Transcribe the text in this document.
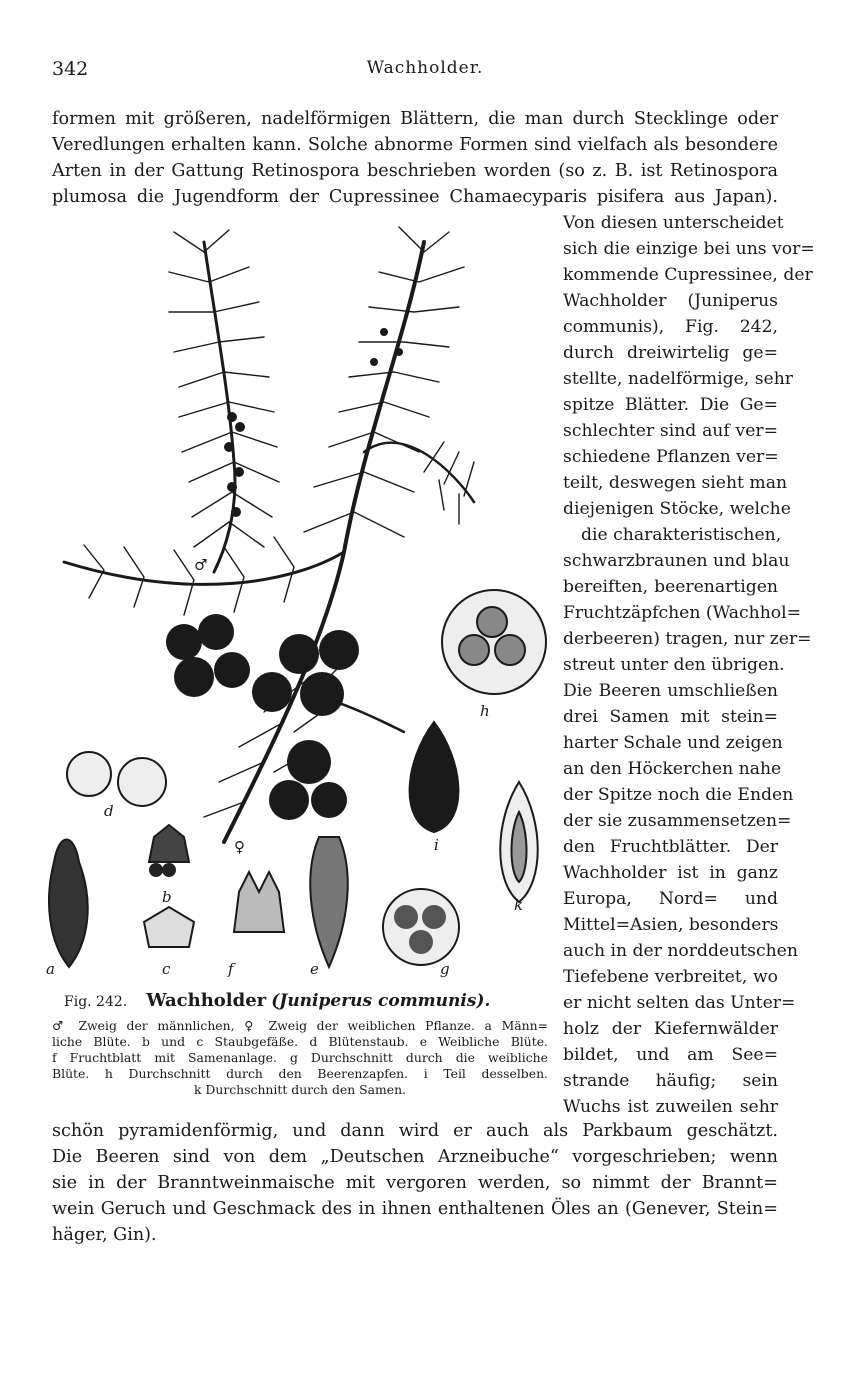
342	Wachholder.
formen mit größeren, nadelförmigen Blättern, die man durch Stecklinge oder
Veredlungen erhalten kann. Solche abnorme Formen sind vielfach als besondere
Arten in der Gattung Retinospora beschrieben worden (so z. B. ist Retinospora
plumosa die Jugendform der Cupressinee Chamaecyparis pisifera aus Japan).
Von diesen unterscheidet
sich die einzige bei uns vor=
kommende Cupressinee, der
Wachholder (Juniperus
communis), Fig. 242,
durch dreiwirtelig ge=
stellte, nadelförmige, sehr
spitze Blätter. Die Ge=
schlechter sind auf ver=
schiedene Pflanzen ver=
teilt, deswegen sieht man
diejenigen Stöcke, welche
die charakteristischen,
schwarzbraunen und blau
bereiften, beerenartigen
Fruchtzäpfchen (Wachhol=
derbeeren) tragen, nur zer=
streut unter den übrigen.
Die Beeren umschließen
drei Samen mit stein=
harter Schale und zeigen
an den Höckerchen nahe
der Spitze noch die Enden
der sie zusammensetzen=
den Fruchtblätter. Der
Wachholder ist in ganz
Europa, Nord= und
Mittel=Asien, besonders
auch in der norddeutschen
Tiefebene verbreitet, wo
er nicht selten das Unter=
holz der Kiefernwälder
bildet, und am See=
strande häufig; sein
Wuchs ist zuweilen sehr
♂
♀
a
b
c
d
e
f	g
h
i
k
Fig. 242. Wachholder (Juniperus communis).
♂ Zweig der männlichen, ♀ Zweig der weiblichen Pflanze. a Männ=
liche Blüte. b und c Staubgefäße. d Blütenstaub. e Weibliche Blüte.
f Fruchtblatt mit Samenanlage. g Durchschnitt durch die weibliche
Blüte. h Durchschnitt durch den Beerenzapfen. i Teil desselben.
k Durchschnitt durch den Samen.
schön pyramidenförmig, und dann wird er auch als Parkbaum geschätzt.
Die Beeren sind von dem „Deutschen Arzneibuche“ vorgeschrieben; wenn
sie in der Branntweinmaische mit vergoren werden, so nimmt der Brannt=
wein Geruch und Geschmack des in ihnen enthaltenen Öles an (Genever, Stein=
häger, Gin).
